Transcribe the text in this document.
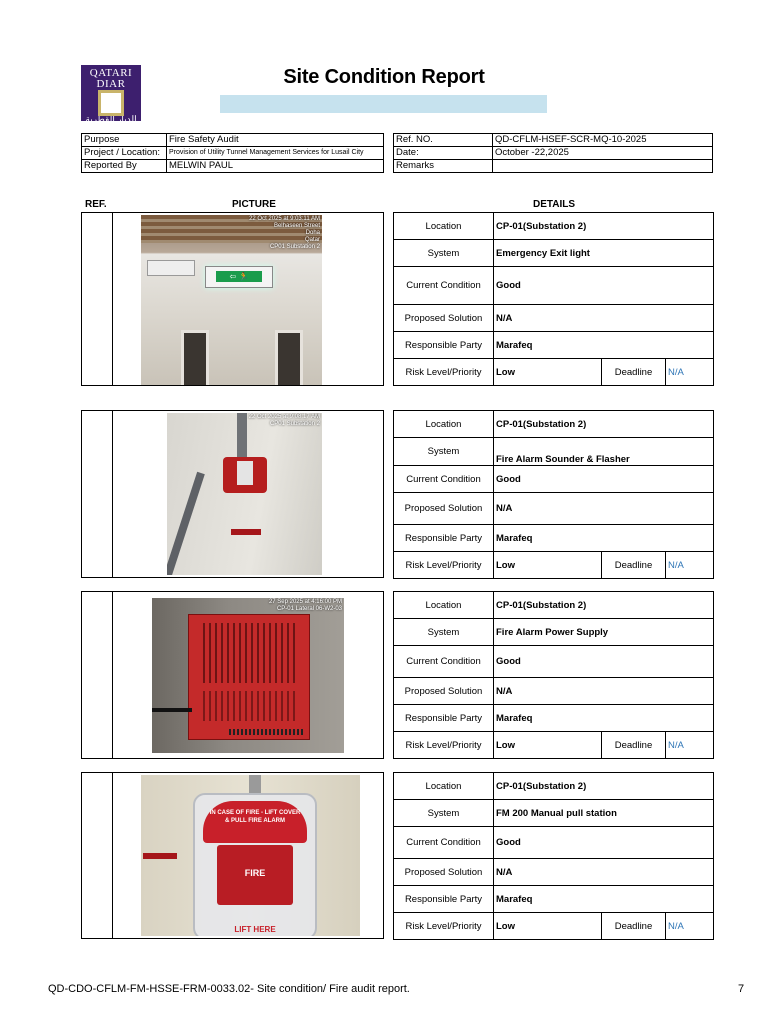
QATARI DIAR
الديار القطرية
Site Condition Report
Purpose	Fire Safety Audit
Project / Location:	Provision of Utility Tunnel Management Services for Lusail City
Reported By	MELWIN PAUL
Ref. NO.	QD-CFLM-HSEF-SCR-MQ-10-2025
Date:	October -22,2025
Remarks	
REF.	PICTURE	DETAILS
⇦ 🏃
22 Oct 2025 at 9:03:11 AM
Belhaseen Street
Doha
Qatar
CP01 Substation 2
Location	CP-01(Substation 2)		
System	Emergency Exit light		
Current Condition	Good		
Proposed Solution	N/A		
Responsible Party	Marafeq		
Risk Level/Priority	Low	Deadline	N/A
22 Oct 2025 at 9:08:17 AM
CP01 Substation 2	Location	CP-01(Substation 2)		
System	Fire Alarm Sounder & Flasher		
Current Condition	Good		
Proposed Solution	N/A		
Responsible Party	Marafeq		
Risk Level/Priority	Low	Deadline	N/A
27 Sep 2025 at 4:16:00 PM
CP-01 Lateral 06-W2-03	Location	CP-01(Substation 2)		
System	Fire Alarm Power Supply		
Current Condition	Good		
Proposed Solution	N/A		
Responsible Party	Marafeq		
Risk Level/Priority	Low	Deadline	N/A
IN CASE OF FIRE - LIFT COVER
& PULL FIRE ALARM
FIRE
LIFT HERE
Location	CP-01(Substation 2)		
System	FM 200 Manual pull station		
Current Condition	Good		
Proposed Solution	N/A		
Responsible Party	Marafeq		
Risk Level/Priority	Low	Deadline	N/A
QD-CDO-CFLM-FM-HSSE-FRM-0033.02- Site condition/ Fire audit report.	7
